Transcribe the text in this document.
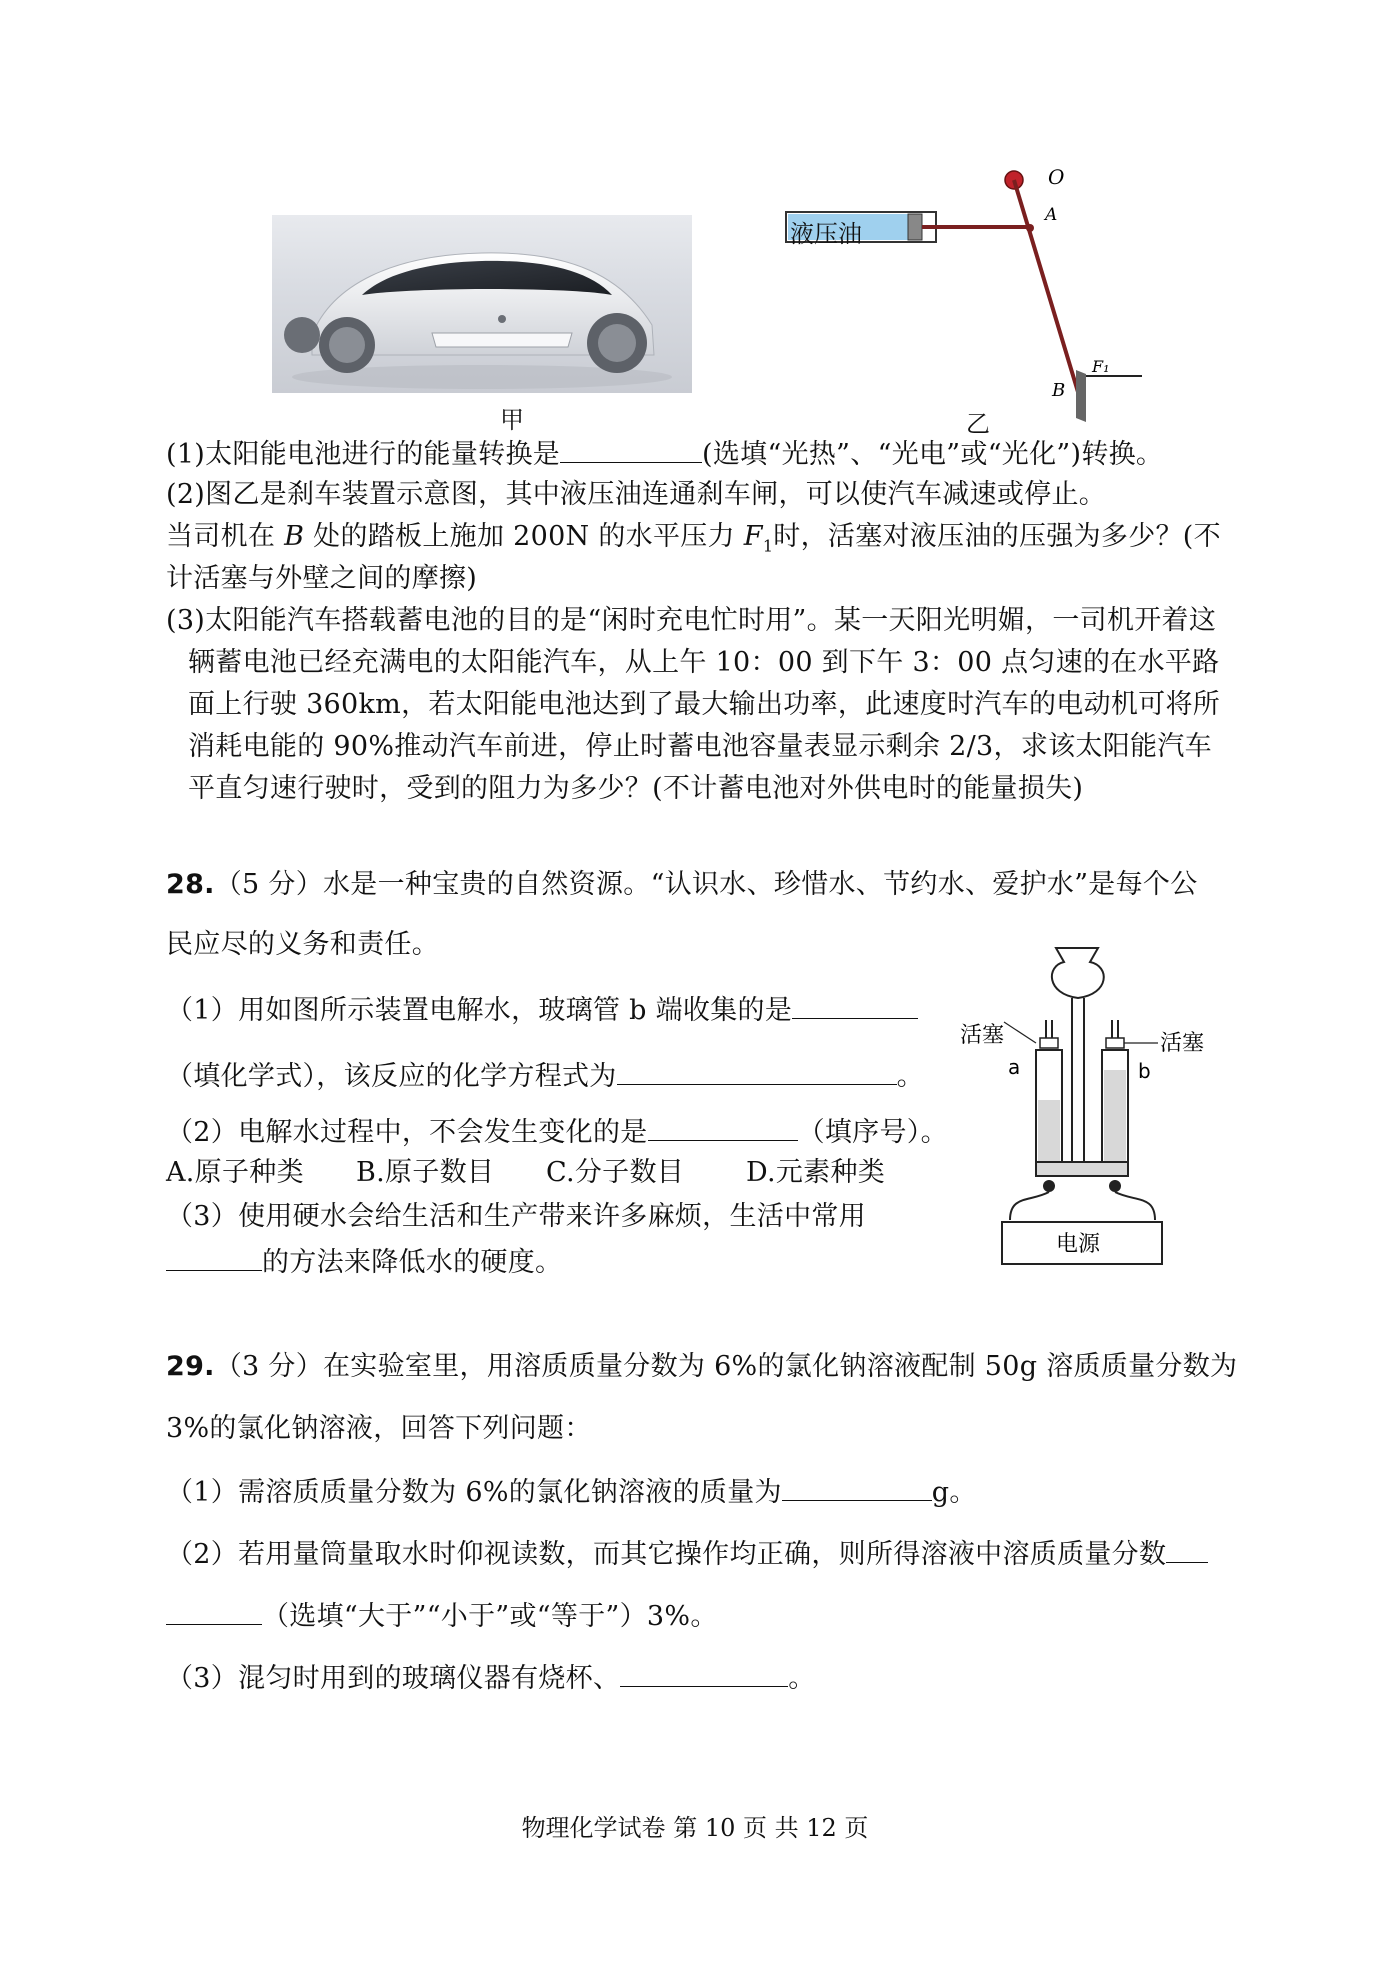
甲
O
A
B
F₁
液压油
乙
(1)太阳能电池进行的能量转换是	(选填“光热”、“光电”或“光化”)转换。
(2)图乙是刹车装置示意图，其中液压油连通刹车闸，可以使汽车减速或停止。
当司机在 B 处的踏板上施加 200N 的水平压力 $F_1$时，活塞对液压油的压强为多少？(不
计活塞与外壁之间的摩擦)
(3)太阳能汽车搭载蓄电池的目的是“闲时充电忙时用”。某一天阳光明媚，一司机开着这
辆蓄电池已经充满电的太阳能汽车，从上午 10：00 到下午 3：00 点匀速的在水平路
面上行驶 360km，若太阳能电池达到了最大输出功率，此速度时汽车的电动机可将所
消耗电能的 90%推动汽车前进，停止时蓄电池容量表显示剩余 2/3，求该太阳能汽车
平直匀速行驶时，受到的阻力为多少？(不计蓄电池对外供电时的能量损失)
28.（5 分）水是一种宝贵的自然资源。“认识水、珍惜水、节约水、爱护水”是每个公
民应尽的义务和责任。
（1）用如图所示装置电解水，玻璃管 b 端收集的是
（填化学式），该反应的化学方程式为	。
（2）电解水过程中，不会发生变化的是	（填序号）。
A.原子种类 B.原子数目 C.分子数目 D.元素种类
（3）使用硬水会给生活和生产带来许多麻烦，生活中常用
的方法来降低水的硬度。
活塞	活塞
a	b
电源
29.（3 分）在实验室里，用溶质质量分数为 6%的氯化钠溶液配制 50g 溶质质量分数为
3%的氯化钠溶液，回答下列问题：
（1）需溶质质量分数为 6%的氯化钠溶液的质量为	g。
（2）若用量筒量取水时仰视读数，而其它操作均正确，则所得溶液中溶质质量分数
（选填“大于”“小于”或“等于”）3%。
（3）混匀时用到的玻璃仪器有烧杯、	。
物理化学试卷 第 10 页 共 12 页
